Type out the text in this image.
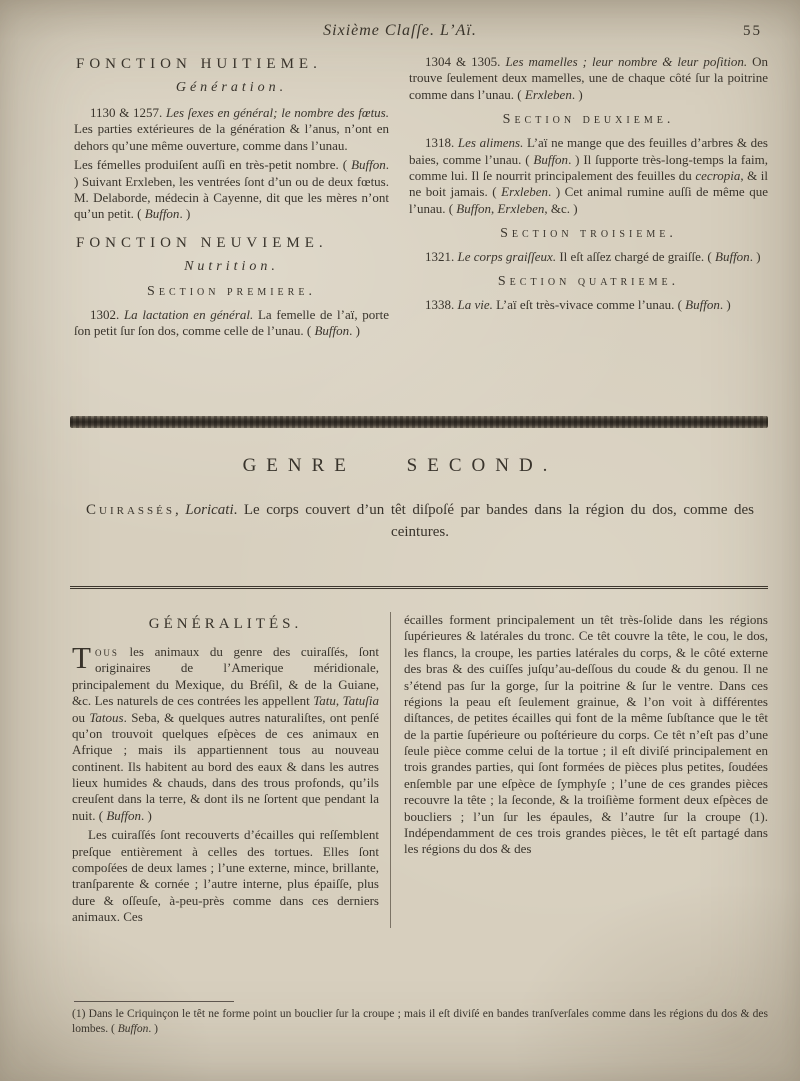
Sixième Claſſe. L’Aï.	55
FONCTION HUITIEME.
Génération.

1130 & 1257. Les ſexes en général; le nombre des fœtus. Les parties extérieures de la génération & l’anus, n’ont en dehors qu’une même ouverture, comme dans l’unau.

Les fémelles produiſent auſſi en très-petit nombre. ( Buffon. ) Suivant Erxleben, les ventrées ſont d’un ou de deux fœtus. M. Delaborde, médecin à Cayenne, dit que les mères n’ont qu’un petit. ( Buffon. )

FONCTION NEUVIEME.
Nutrition.
Section premiere.

1302. La lactation en général. La femelle de l’aï, porte ſon petit ſur ſon dos, comme celle de l’unau. ( Buffon. )

1304 & 1305. Les mamelles ; leur nombre & leur poſition. On trouve ſeulement deux mamelles, une de chaque côté ſur la poitrine comme dans l’unau. ( Erxleben. )

Section deuxieme.

1318. Les alimens. L’aï ne mange que des feuilles d’arbres & des baies, comme l’unau. ( Buffon. ) Il ſupporte très-long-temps la faim, comme lui. Il ſe nourrit principalement des feuilles du cecropia, & il ne boit jamais. ( Erxleben. ) Cet animal rumine auſſi de même que l’unau. ( Buffon, Erxleben, &c. )

Section troisieme.

1321. Le corps graiſſeux. Il eſt aſſez chargé de graiſſe. ( Buffon. )

Section quatrieme.

1338. La vie. L’aï eſt très-vivace comme l’unau. ( Buffon. )

GENRE SECOND.

Cuirassés, Loricati. Le corps couvert d’un têt diſpoſé par bandes dans la région du dos, comme des ceintures.

GÉNÉRALITÉS.

Tous les animaux du genre des cuiraſſés, ſont originaires de l’Amerique méridionale, principalement du Mexique, du Bréſil, & de la Guiane, &c. Les naturels de ces contrées les appellent Tatu, Tatuſia ou Tatous. Seba, & quelques autres naturaliſtes, ont penſé qu’on trouvoit quelques eſpèces de ces animaux en Afrique ; mais ils appartiennent tous au nouveau continent. Ils habitent au bord des eaux & dans les autres lieux humides & chauds, dans des trous profonds, qu’ils creuſent dans la terre, & dont ils ne ſortent que pendant la nuit. ( Buffon. )

Les cuiraſſés ſont recouverts d’écailles qui reſſemblent preſque entièrement à celles des tortues. Elles ſont compoſées de deux lames ; l’une externe, mince, brillante, tranſparente & cornée ; l’autre interne, plus épaiſſe, plus dure & oſſeuſe, à-peu-près comme dans ces derniers animaux. Ces

écailles forment principalement un têt très-ſolide dans les régions ſupérieures & latérales du tronc. Ce têt couvre la tête, le cou, le dos, les flancs, la croupe, les parties latérales du corps, & le côté externe des bras & des cuiſſes juſqu’au-deſſous du coude & du genou. Il ne s’étend pas ſur la gorge, ſur la poitrine & ſur le ventre. Dans ces régions la peau eſt ſeulement grainue, & l’on voit à différentes diſtances, de petites écailles qui font de la même ſubſtance que le têt de la partie ſupérieure ou poſtérieure du corps. Ce têt n’eſt pas d’une ſeule pièce comme celui de la tortue ; il eſt diviſé principalement en trois grandes parties, qui ſont formées de pièces plus petites, ſoudées enſemble par une eſpèce de ſymphyſe ; l’une de ces grandes pièces recouvre la tête ; la ſeconde, & la troiſième forment deux eſpèces de boucliers ; l’un ſur les épaules, & l’autre ſur la croupe (1). Indépendamment de ces trois grandes pièces, le têt eſt partagé dans les régions du dos & des

(1) Dans le Criquinçon le têt ne forme point un bouclier ſur la croupe ; mais il eſt diviſé en bandes tranſverſales comme dans les régions du dos & des lombes. ( Buffon. )
